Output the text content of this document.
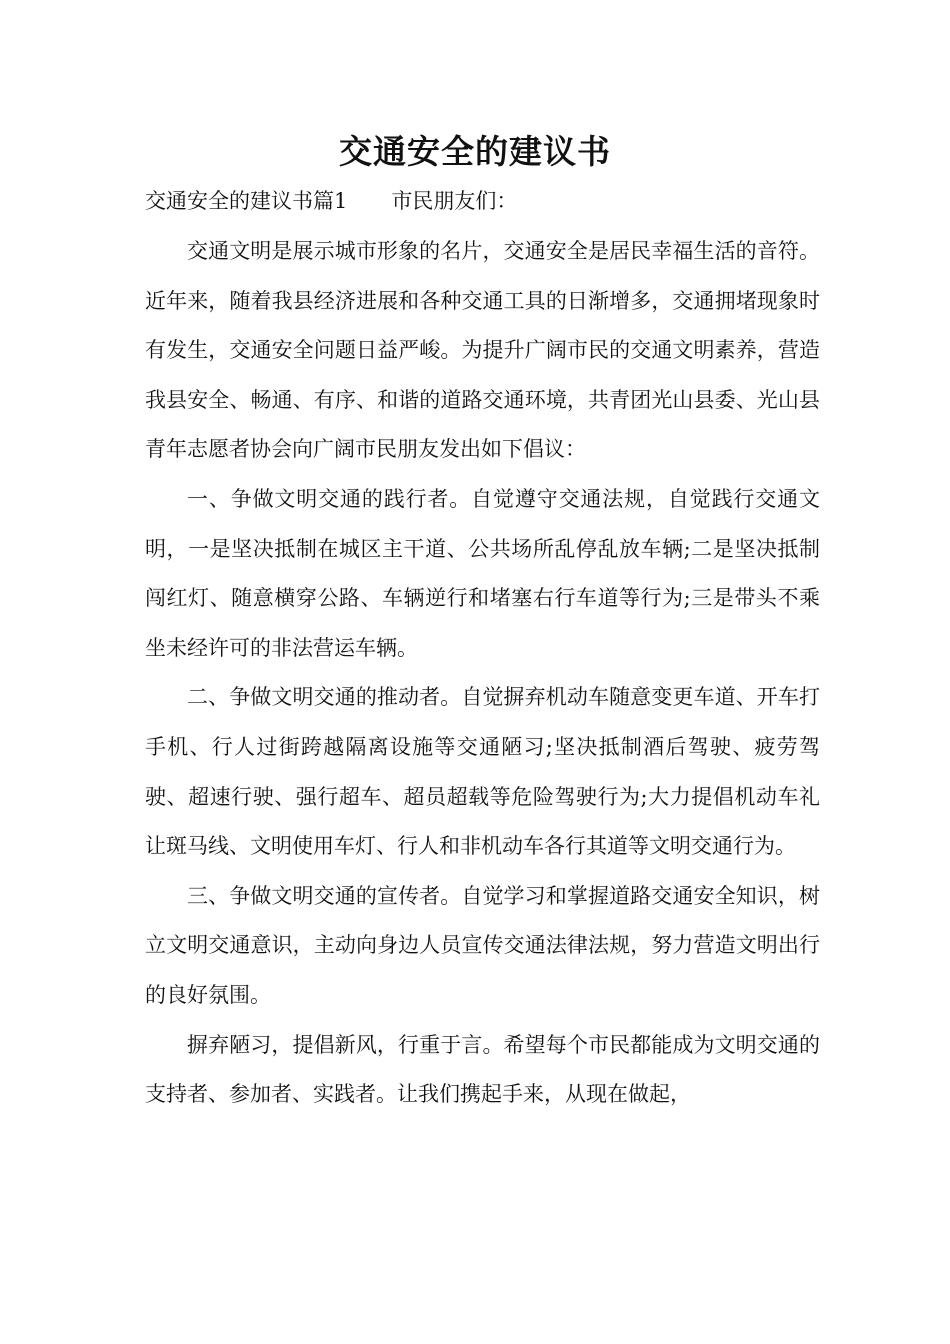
交通安全的建议书
交通安全的建议书篇1 市民朋友们：

交通文明是展示城市形象的名片，交通安全是居民幸福生活的音符。近年来，随着我县经济进展和各种交通工具的日渐增多，交通拥堵现象时有发生，交通安全问题日益严峻。为提升广阔市民的交通文明素养，营造我县安全、畅通、有序、和谐的道路交通环境，共青团光山县委、光山县青年志愿者协会向广阔市民朋友发出如下倡议：

一、争做文明交通的践行者。自觉遵守交通法规，自觉践行交通文明，一是坚决抵制在城区主干道、公共场所乱停乱放车辆;二是坚决抵制闯红灯、随意横穿公路、车辆逆行和堵塞右行车道等行为;三是带头不乘坐未经许可的非法营运车辆。

二、争做文明交通的推动者。自觉摒弃机动车随意变更车道、开车打手机、行人过街跨越隔离设施等交通陋习;坚决抵制酒后驾驶、疲劳驾驶、超速行驶、强行超车、超员超载等危险驾驶行为;大力提倡机动车礼让斑马线、文明使用车灯、行人和非机动车各行其道等文明交通行为。

三、争做文明交通的宣传者。自觉学习和掌握道路交通安全知识，树立文明交通意识，主动向身边人员宣传交通法律法规，努力营造文明出行的良好氛围。

摒弃陋习，提倡新风，行重于言。希望每个市民都能成为文明交通的支持者、参加者、实践者。让我们携起手来，从现在做起，
